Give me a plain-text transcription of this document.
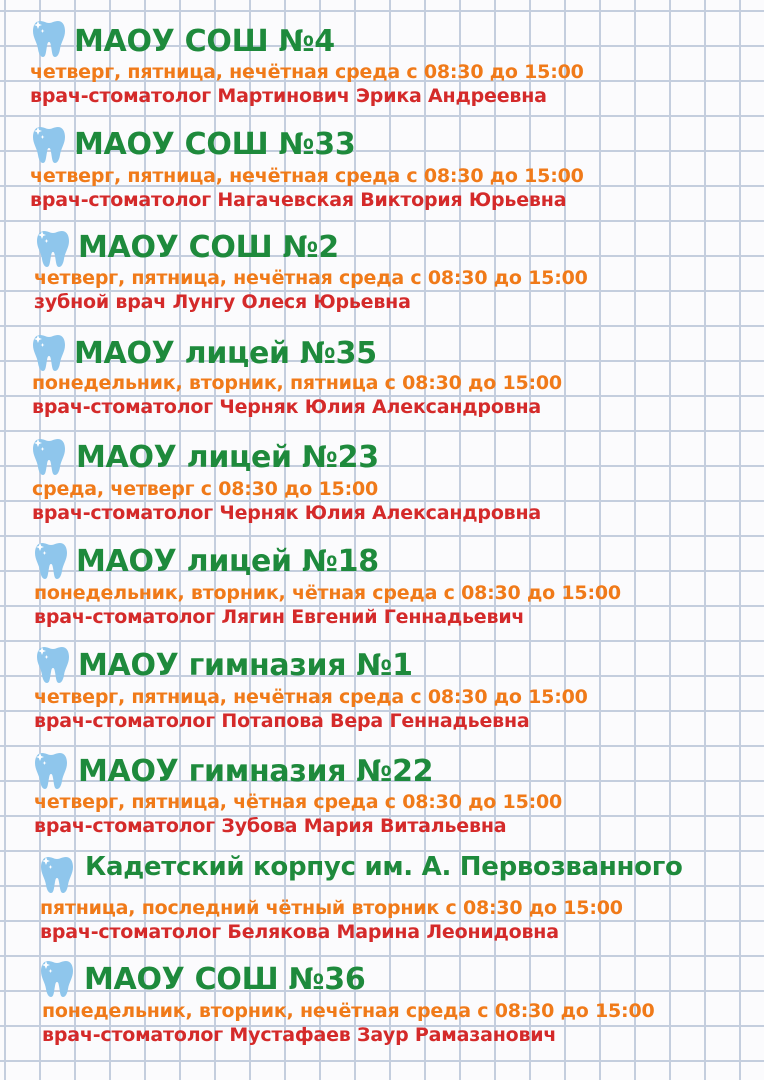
МАОУ СОШ №4
четверг, пятница, нечётная среда с 08:30 до 15:00
врач-стоматолог Мартинович Эрика Андреевна
МАОУ СОШ №33
четверг, пятница, нечётная среда с 08:30 до 15:00
врач-стоматолог Нагачевская Виктория Юрьевна
МАОУ СОШ №2
четверг, пятница, нечётная среда с 08:30 до 15:00
зубной врач Лунгу Олеся Юрьевна
МАОУ лицей №35
понедельник, вторник, пятница с 08:30 до 15:00
врач-стоматолог Черняк Юлия Александровна
МАОУ лицей №23
среда, четверг с 08:30 до 15:00
врач-стоматолог Черняк Юлия Александровна
МАОУ лицей №18
понедельник, вторник, чётная среда с 08:30 до 15:00
врач-стоматолог Лягин Евгений Геннадьевич
МАОУ гимназия №1
четверг, пятница, нечётная среда с 08:30 до 15:00
врач-стоматолог Потапова Вера Геннадьевна
МАОУ гимназия №22
четверг, пятница, чётная среда с 08:30 до 15:00
врач-стоматолог Зубова Мария Витальевна
Кадетский корпус им. А. Первозванного
пятница, последний чётный вторник с 08:30 до 15:00
врач-стоматолог Белякова Марина Леонидовна
МАОУ СОШ №36
понедельник, вторник, нечётная среда с 08:30 до 15:00
врач-стоматолог Мустафаев Заур Рамазанович
